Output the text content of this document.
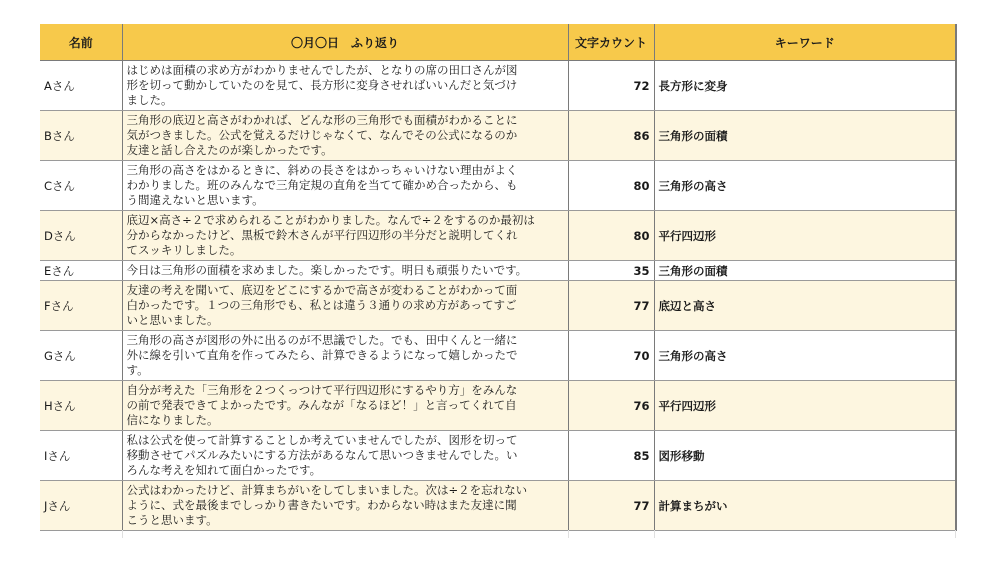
名前	〇月〇日　ふり返り	文字カウント	キーワード
Aさん	はじめは面積の求め方がわかりませんでしたが、となりの席の田口さんが図
形を切って動かしていたのを見て、長方形に変身させればいいんだと気づけ
ました。	72	長方形に変身
Bさん	三角形の底辺と高さがわかれば、どんな形の三角形でも面積がわかることに
気がつきました。公式を覚えるだけじゃなくて、なんでその公式になるのか
友達と話し合えたのが楽しかったです。	86	三角形の面積
Cさん	三角形の高さをはかるときに、斜めの長さをはかっちゃいけない理由がよく
わかりました。班のみんなで三角定規の直角を当てて確かめ合ったから、も
う間違えないと思います。	80	三角形の高さ
Dさん	底辺×高さ÷２で求められることがわかりました。なんで÷２をするのか最初は
分からなかったけど、黒板で鈴木さんが平行四辺形の半分だと説明してくれ
てスッキリしました。	80	平行四辺形
Eさん	今日は三角形の面積を求めました。楽しかったです。明日も頑張りたいです。	35	三角形の面積
Fさん	友達の考えを聞いて、底辺をどこにするかで高さが変わることがわかって面
白かったです。１つの三角形でも、私とは違う３通りの求め方があってすご
いと思いました。	77	底辺と高さ
Gさん	三角形の高さが図形の外に出るのが不思議でした。でも、田中くんと一緒に
外に線を引いて直角を作ってみたら、計算できるようになって嬉しかったで
す。	70	三角形の高さ
Hさん	自分が考えた「三角形を２つくっつけて平行四辺形にするやり方」をみんな
の前で発表できてよかったです。みんなが「なるほど！」と言ってくれて自
信になりました。	76	平行四辺形
Iさん	私は公式を使って計算することしか考えていませんでしたが、図形を切って
移動させてパズルみたいにする方法があるなんて思いつきませんでした。い
ろんな考えを知れて面白かったです。	85	図形移動
Jさん	公式はわかったけど、計算まちがいをしてしまいました。次は÷２を忘れない
ように、式を最後までしっかり書きたいです。わからない時はまた友達に聞
こうと思います。	77	計算まちがい
